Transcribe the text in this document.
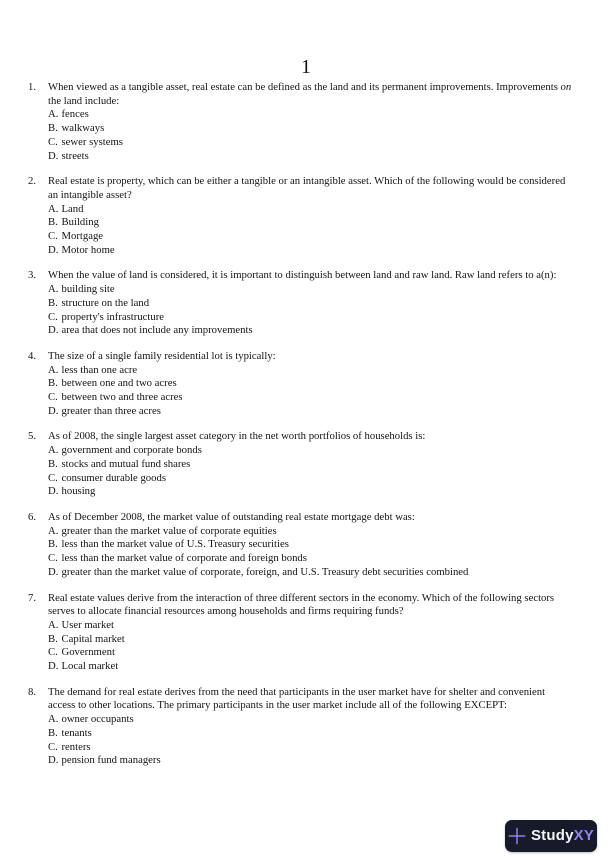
1
1.	When viewed as a tangible asset, real estate can be defined as the land and its permanent improvements. Improvements on the land include:
A. fences
B. walkways
C. sewer systems
D. streets
2.	Real estate is property, which can be either a tangible or an intangible asset. Which of the following would be considered an intangible asset?
A. Land
B. Building
C. Mortgage
D. Motor home
3.	When the value of land is considered, it is important to distinguish between land and raw land. Raw land refers to a(n):
A. building site
B. structure on the land
C. property's infrastructure
D. area that does not include any improvements
4.	The size of a single family residential lot is typically:
A. less than one acre
B. between one and two acres
C. between two and three acres
D. greater than three acres
5.	As of 2008, the single largest asset category in the net worth portfolios of households is:
A. government and corporate bonds
B. stocks and mutual fund shares
C. consumer durable goods
D. housing
6.	As of December 2008, the market value of outstanding real estate mortgage debt was:
A. greater than the market value of corporate equities
B. less than the market value of U.S. Treasury securities
C. less than the market value of corporate and foreign bonds
D. greater than the market value of corporate, foreign, and U.S. Treasury debt securities combined
7.	Real estate values derive from the interaction of three different sectors in the economy. Which of the following sectors serves to allocate financial resources among households and firms requiring funds?
A. User market
B. Capital market
C. Government
D. Local market
8.	The demand for real estate derives from the need that participants in the user market have for shelter and convenient access to other locations. The primary participants in the user market include all of the following EXCEPT:
A. owner occupants
B. tenants
C. renters
D. pension fund managers
StudyXY
